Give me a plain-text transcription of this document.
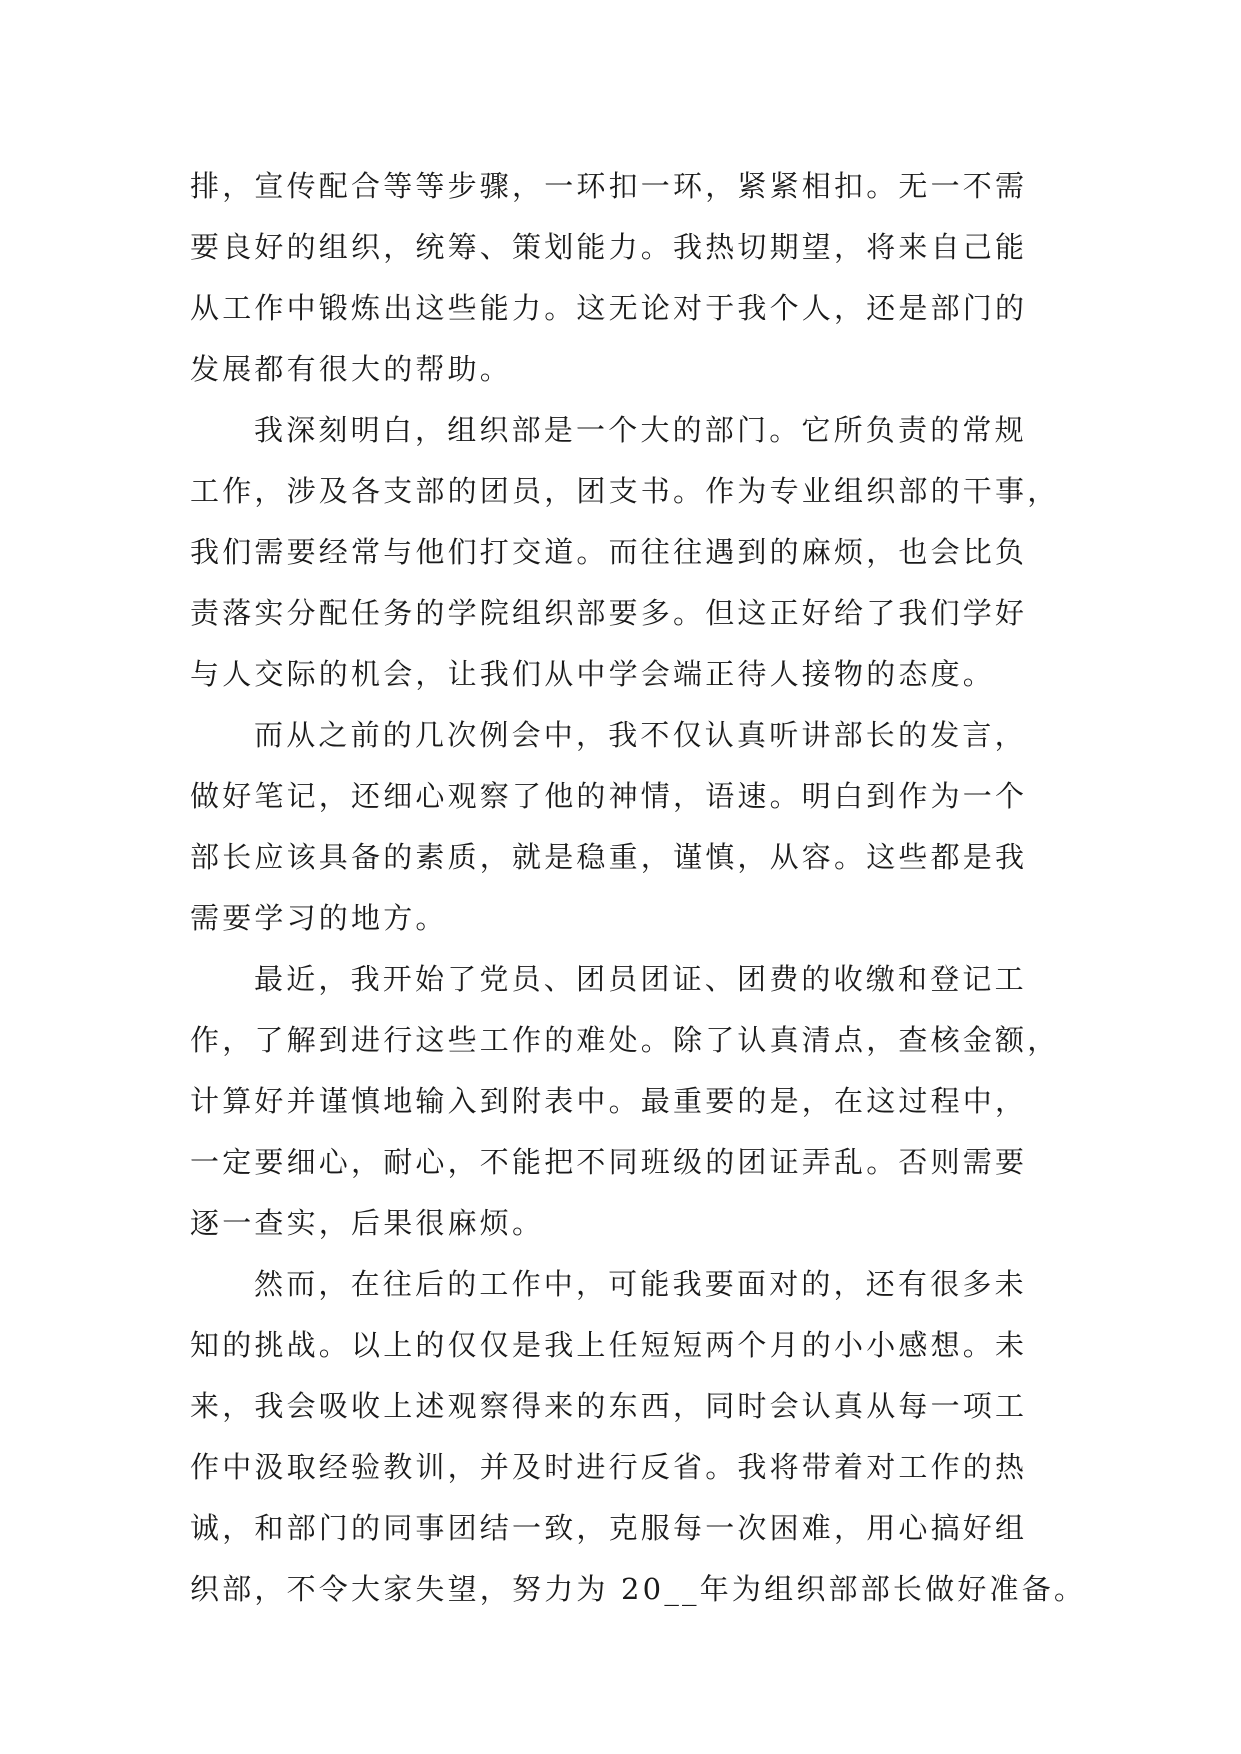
排，宣传配合等等步骤，一环扣一环，紧紧相扣。无一不需
要良好的组织，统筹、策划能力。我热切期望，将来自己能
从工作中锻炼出这些能力。这无论对于我个人，还是部门的
发展都有很大的帮助。
我深刻明白，组织部是一个大的部门。它所负责的常规
工作，涉及各支部的团员，团支书。作为专业组织部的干事，
我们需要经常与他们打交道。而往往遇到的麻烦，也会比负
责落实分配任务的学院组织部要多。但这正好给了我们学好
与人交际的机会，让我们从中学会端正待人接物的态度。
而从之前的几次例会中，我不仅认真听讲部长的发言，
做好笔记，还细心观察了他的神情，语速。明白到作为一个
部长应该具备的素质，就是稳重，谨慎，从容。这些都是我
需要学习的地方。
最近，我开始了党员、团员团证、团费的收缴和登记工
作，了解到进行这些工作的难处。除了认真清点，查核金额，
计算好并谨慎地输入到附表中。最重要的是，在这过程中，
一定要细心，耐心，不能把不同班级的团证弄乱。否则需要
逐一查实，后果很麻烦。
然而，在往后的工作中，可能我要面对的，还有很多未
知的挑战。以上的仅仅是我上任短短两个月的小小感想。未
来，我会吸收上述观察得来的东西，同时会认真从每一项工
作中汲取经验教训，并及时进行反省。我将带着对工作的热
诚，和部门的同事团结一致，克服每一次困难，用心搞好组
织部，不令大家失望，努力为 20__年为组织部部长做好准备。
